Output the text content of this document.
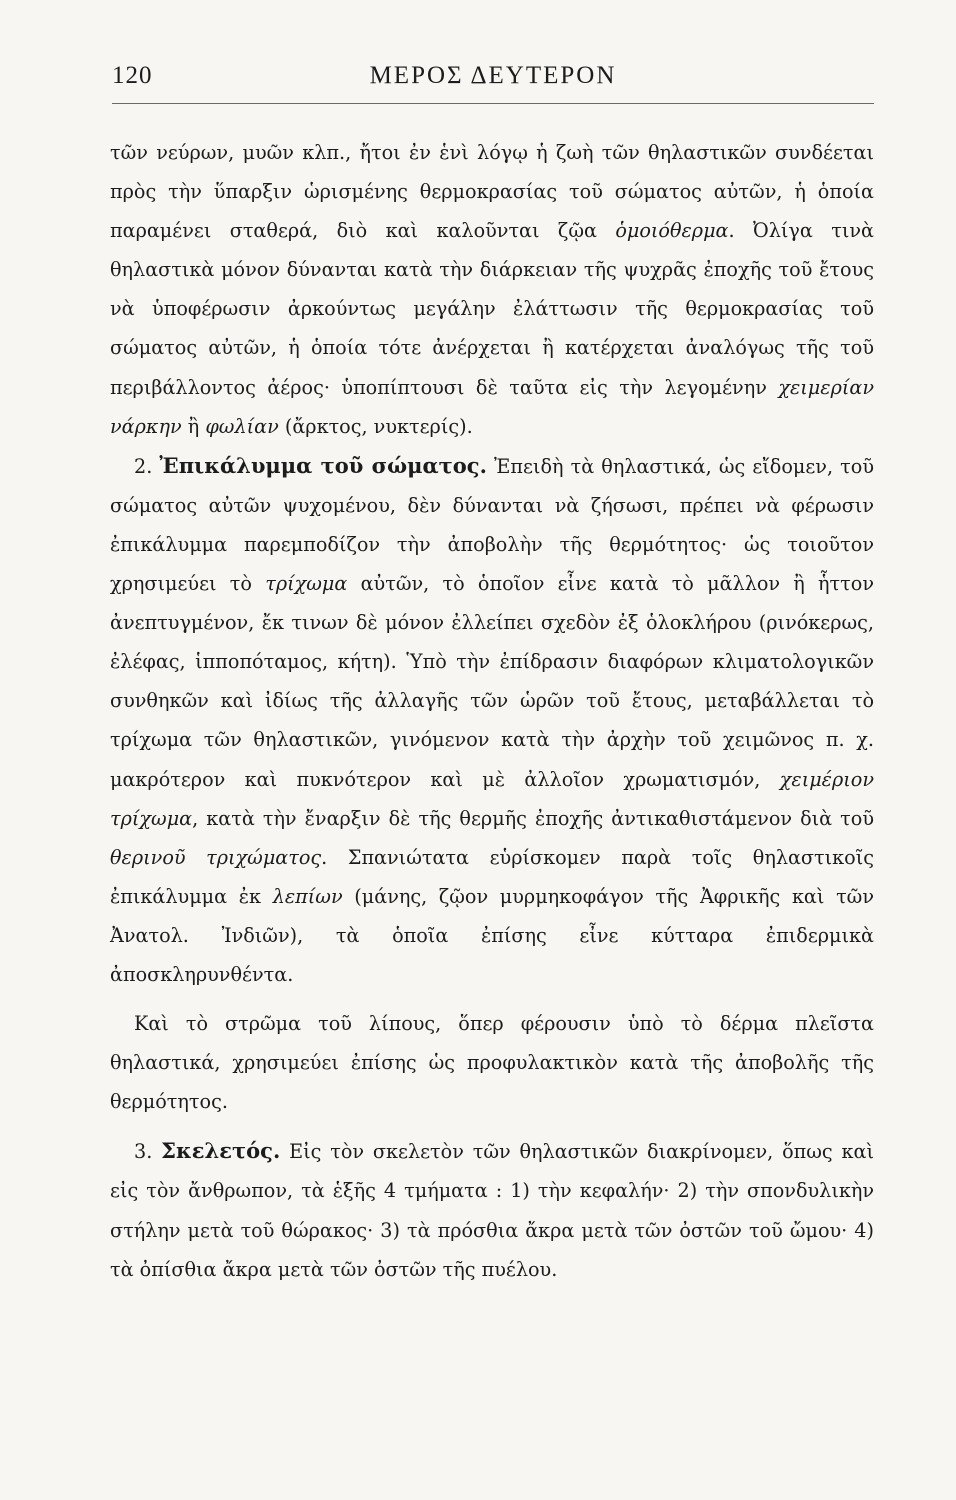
120	ΜΕΡΟΣ ΔΕΥΤΕΡΟΝ

τῶν νεύρων, μυῶν κλπ., ἤτοι ἐν ἑνὶ λόγῳ ἡ ζωὴ τῶν θηλαστικῶν συνδέεται πρὸς τὴν ὕπαρξιν ὡρισμένης θερμοκρασίας τοῦ σώματος αὐτῶν, ἡ ὁποία παραμένει σταθερά, διὸ καὶ καλοῦνται ζῷα ὁμοιόθερμα. Ὀλίγα τινὰ θηλαστικὰ μόνον δύνανται κατὰ τὴν διάρκειαν τῆς ψυχρᾶς ἐποχῆς τοῦ ἔτους νὰ ὑποφέρωσιν ἀρκούντως μεγάλην ἐλάττωσιν τῆς θερμοκρασίας τοῦ σώματος αὐτῶν, ἡ ὁποία τότε ἀνέρχεται ἢ κατέρχεται ἀναλόγως τῆς τοῦ περιβάλλοντος ἀέρος· ὑποπίπτουσι δὲ ταῦτα εἰς τὴν λεγομένην χειμερίαν νάρκην ἢ φωλίαν (ἄρκτος, νυκτερίς).

2. Ἐπικάλυμμα τοῦ σώματος. Ἐπειδὴ τὰ θηλαστικά, ὡς εἴδομεν, τοῦ σώματος αὐτῶν ψυχομένου, δὲν δύνανται νὰ ζήσωσι, πρέπει νὰ φέρωσιν ἐπικάλυμμα παρεμποδίζον τὴν ἀποβολὴν τῆς θερμότητος· ὡς τοιοῦτον χρησιμεύει τὸ τρίχωμα αὐτῶν, τὸ ὁποῖον εἶνε κατὰ τὸ μᾶλλον ἢ ἧττον ἀνεπτυγμένον, ἔκ τινων δὲ μόνον ἐλλείπει σχεδὸν ἐξ ὁλοκλήρου (ρινόκερως, ἐλέφας, ἱπποπόταμος, κήτη). Ὑπὸ τὴν ἐπίδρασιν διαφόρων κλιματολογικῶν συνθηκῶν καὶ ἰδίως τῆς ἀλλαγῆς τῶν ὡρῶν τοῦ ἔτους, μεταβάλλεται τὸ τρίχωμα τῶν θηλαστικῶν, γινόμενον κατὰ τὴν ἀρχὴν τοῦ χειμῶνος π. χ. μακρότερον καὶ πυκνότερον καὶ μὲ ἀλλοῖον χρωματισμόν, χειμέριον τρίχωμα, κατὰ τὴν ἔναρξιν δὲ τῆς θερμῆς ἐποχῆς ἀντικαθιστάμενον διὰ τοῦ θερινοῦ τριχώματος. Σπανιώτατα εὑρίσκομεν παρὰ τοῖς θηλαστικοῖς ἐπικάλυμμα ἐκ λεπίων (μάνης, ζῷον μυρμηκοφάγον τῆς Ἀφρικῆς καὶ τῶν Ἀνατολ. Ἰνδιῶν), τὰ ὁποῖα ἐπίσης εἶνε κύτταρα ἐπιδερμικὰ ἀποσκληρυνθέντα.

Καὶ τὸ στρῶμα τοῦ λίπους, ὅπερ φέρουσιν ὑπὸ τὸ δέρμα πλεῖστα θηλαστικά, χρησιμεύει ἐπίσης ὡς προφυλακτικὸν κατὰ τῆς ἀποβολῆς τῆς θερμότητος.

3. Σκελετός. Εἰς τὸν σκελετὸν τῶν θηλαστικῶν διακρίνομεν, ὅπως καὶ εἰς τὸν ἄνθρωπον, τὰ ἑξῆς 4 τμήματα : 1) τὴν κεφαλήν· 2) τὴν σπονδυλικὴν στήλην μετὰ τοῦ θώρακος· 3) τὰ πρόσθια ἄκρα μετὰ τῶν ὀστῶν τοῦ ὤμου· 4) τὰ ὀπίσθια ἄκρα μετὰ τῶν ὀστῶν τῆς πυέλου.
